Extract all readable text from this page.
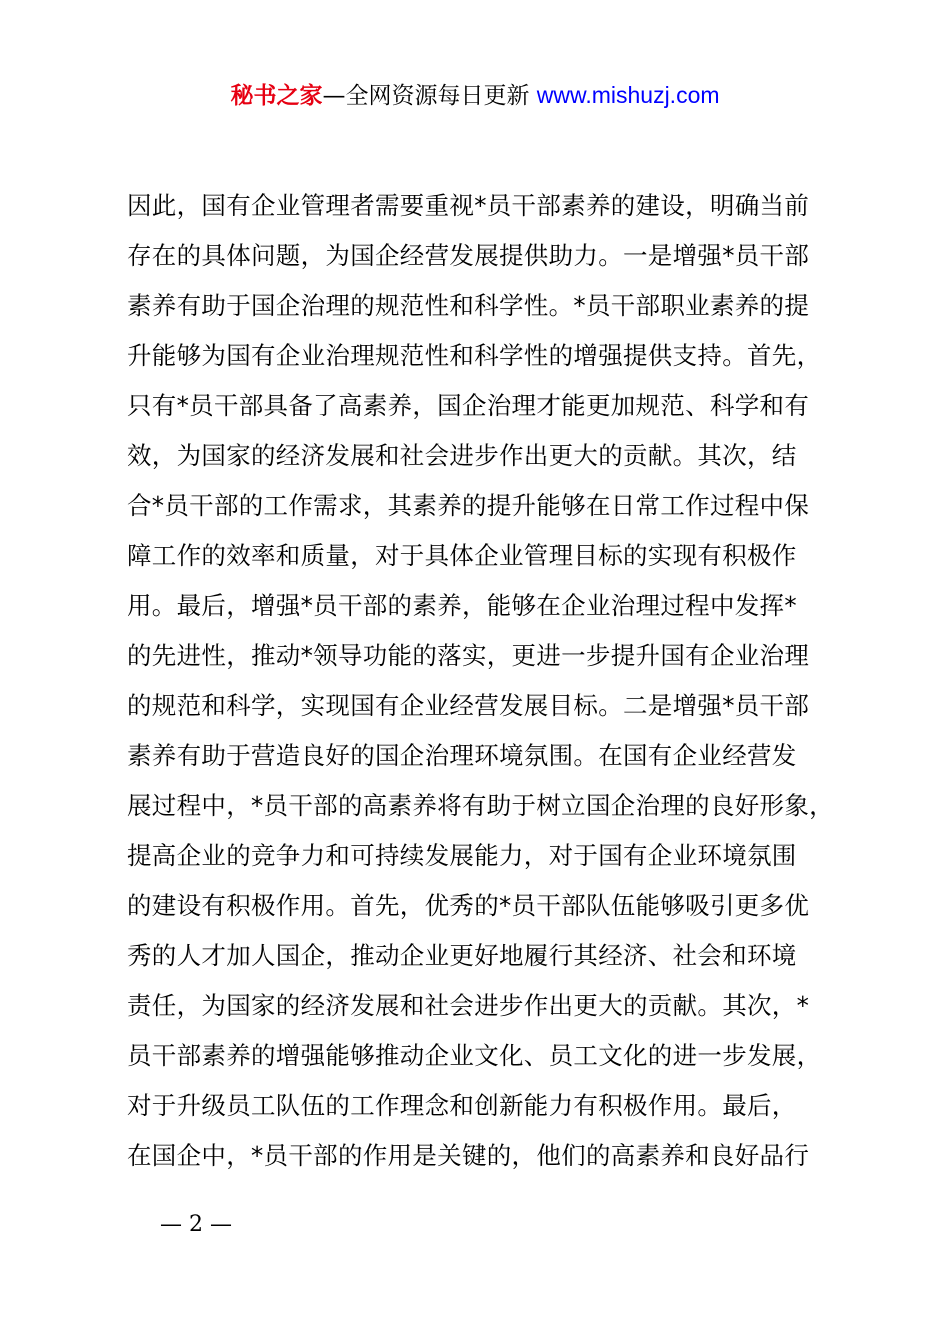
秘书之家—全网资源每日更新 www.mishuzj.com
因此，国有企业管理者需要重视*员干部素养的建设，明确当前
存在的具体问题，为国企经营发展提供助力。一是增强*员干部
素养有助于国企治理的规范性和科学性。*员干部职业素养的提
升能够为国有企业治理规范性和科学性的增强提供支持。首先，
只有*员干部具备了高素养，国企治理才能更加规范、科学和有
效，为国家的经济发展和社会进步作出更大的贡献。其次，结
合*员干部的工作需求，其素养的提升能够在日常工作过程中保
障工作的效率和质量，对于具体企业管理目标的实现有积极作
用。最后，增强*员干部的素养，能够在企业治理过程中发挥*
的先进性，推动*领导功能的落实，更进一步提升国有企业治理
的规范和科学，实现国有企业经营发展目标。二是增强*员干部
素养有助于营造良好的国企治理环境氛围。在国有企业经营发
展过程中，*员干部的高素养将有助于树立国企治理的良好形象，
提高企业的竞争力和可持续发展能力，对于国有企业环境氛围
的建设有积极作用。首先，优秀的*员干部队伍能够吸引更多优
秀的人才加人国企，推动企业更好地履行其经济、社会和环境
责任，为国家的经济发展和社会进步作出更大的贡献。其次，*
员干部素养的增强能够推动企业文化、员工文化的进一步发展，
对于升级员工队伍的工作理念和创新能力有积极作用。最后，
在国企中，*员干部的作用是关键的，他们的高素养和良好品行
— 2 —
